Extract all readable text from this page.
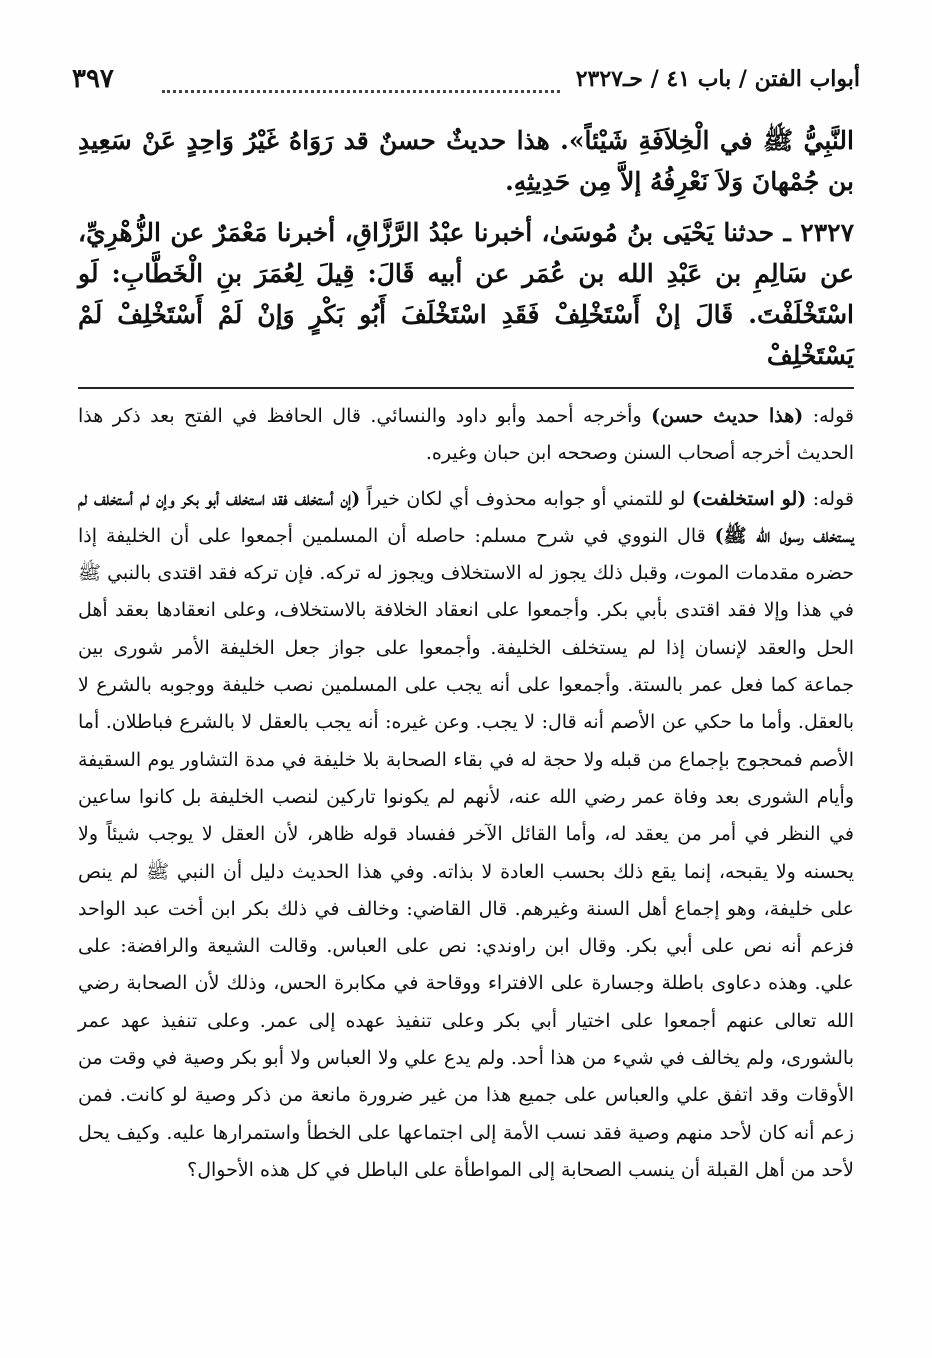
أبواب الفتن / باب ٤١ / حـ٢٣٢٧
٣٩٧

النَّبِيُّ ﷺ في الْخِلاَفَةِ شَيْئاً». هذا حديثٌ حسنٌ قد رَوَاهُ غَيْرُ وَاحِدٍ عَنْ سَعِيدِ بن جُمْهانَ وَلاَ نَعْرِفُهُ إلاَّ مِن حَدِيثِهِ.

٢٣٢٧ ـ حدثنا يَحْيَى بنُ مُوسَىٰ، أخبرنا عبْدُ الرَّزَّاقِ، أخبرنا مَعْمَرٌ عن الزُّهْرِيِّ، عن سَالِمِ بن عَبْدِ الله بن عُمَر عن أبيه قَالَ: قِيلَ لِعُمَرَ بنِ الْخَطَّابِ: لَو اسْتَخْلَفْتَ. قَالَ إنْ أَسْتَخْلِفْ فَقَدِ اسْتَخْلَفَ أَبُو بَكْرٍ وَإنْ لَمْ أَسْتَخْلِفْ لَمْ يَسْتَخْلِفْ

قوله: (هذا حديث حسن) وأخرجه أحمد وأبو داود والنسائي. قال الحافظ في الفتح بعد ذكر هذا الحديث أخرجه أصحاب السنن وصححه ابن حبان وغيره.

قوله: (لو استخلفت) لو للتمني أو جوابه محذوف أي لكان خيراً (إن أستخلف فقد استخلف أبو بكر وإن لم أستخلف لم يستخلف رسول الله ﷺ) قال النووي في شرح مسلم: حاصله أن المسلمين أجمعوا على أن الخليفة إذا حضره مقدمات الموت، وقبل ذلك يجوز له الاستخلاف ويجوز له تركه. فإن تركه فقد اقتدى بالنبي ﷺ في هذا وإلا فقد اقتدى بأبي بكر. وأجمعوا على انعقاد الخلافة بالاستخلاف، وعلى انعقادها بعقد أهل الحل والعقد لإنسان إذا لم يستخلف الخليفة. وأجمعوا على جواز جعل الخليفة الأمر شورى بين جماعة كما فعل عمر بالستة. وأجمعوا على أنه يجب على المسلمين نصب خليفة ووجوبه بالشرع لا بالعقل. وأما ما حكي عن الأصم أنه قال: لا يجب. وعن غيره: أنه يجب بالعقل لا بالشرع فباطلان. أما الأصم فمحجوج بإجماع من قبله ولا حجة له في بقاء الصحابة بلا خليفة في مدة التشاور يوم السقيفة وأيام الشورى بعد وفاة عمر رضي الله عنه، لأنهم لم يكونوا تاركين لنصب الخليفة بل كانوا ساعين في النظر في أمر من يعقد له، وأما القائل الآخر ففساد قوله ظاهر، لأن العقل لا يوجب شيئاً ولا يحسنه ولا يقبحه، إنما يقع ذلك بحسب العادة لا بذاته. وفي هذا الحديث دليل أن النبي ﷺ لم ينص على خليفة، وهو إجماع أهل السنة وغيرهم. قال القاضي: وخالف في ذلك بكر ابن أخت عبد الواحد فزعم أنه نص على أبي بكر. وقال ابن راوندي: نص على العباس. وقالت الشيعة والرافضة: على علي. وهذه دعاوى باطلة وجسارة على الافتراء ووقاحة في مكابرة الحس، وذلك لأن الصحابة رضي الله تعالى عنهم أجمعوا على اختيار أبي بكر وعلى تنفيذ عهده إلى عمر. وعلى تنفيذ عهد عمر بالشورى، ولم يخالف في شيء من هذا أحد. ولم يدع علي ولا العباس ولا أبو بكر وصية في وقت من الأوقات وقد اتفق علي والعباس على جميع هذا من غير ضرورة مانعة من ذكر وصية لو كانت. فمن زعم أنه كان لأحد منهم وصية فقد نسب الأمة إلى اجتماعها على الخطأ واستمرارها عليه. وكيف يحل لأحد من أهل القبلة أن ينسب الصحابة إلى المواطأة على الباطل في كل هذه الأحوال؟
